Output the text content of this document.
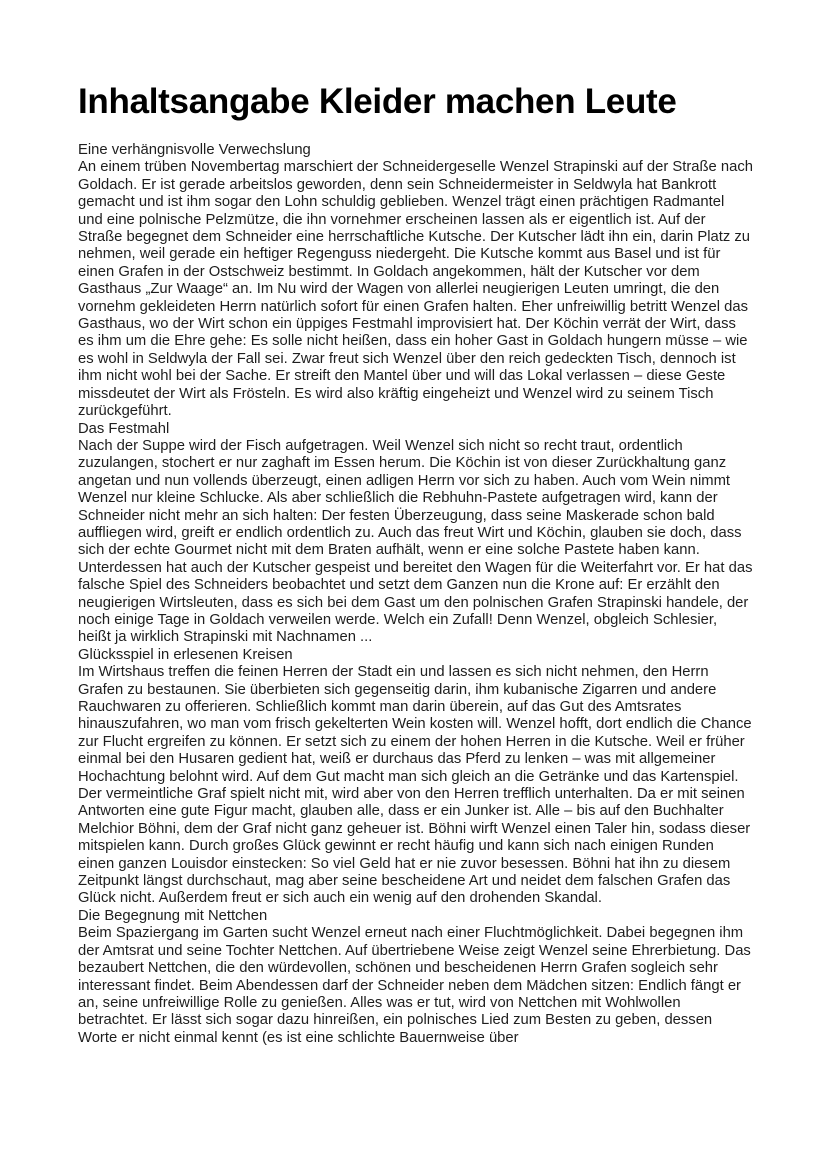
Inhaltsangabe Kleider machen Leute
Eine verhängnisvolle Verwechslung
An einem trüben Novembertag marschiert der Schneidergeselle Wenzel Strapinski auf der Straße nach Goldach. Er ist gerade arbeitslos geworden, denn sein Schneidermeister in Seldwyla hat Bankrott gemacht und ist ihm sogar den Lohn schuldig geblieben. Wenzel trägt einen prächtigen Radmantel und eine polnische Pelzmütze, die ihn vornehmer erscheinen lassen als er eigentlich ist. Auf der Straße begegnet dem Schneider eine herrschaftliche Kutsche. Der Kutscher lädt ihn ein, darin Platz zu nehmen, weil gerade ein heftiger Regenguss niedergeht. Die Kutsche kommt aus Basel und ist für einen Grafen in der Ostschweiz bestimmt. In Goldach angekommen, hält der Kutscher vor dem Gasthaus „Zur Waage“ an. Im Nu wird der Wagen von allerlei neugierigen Leuten umringt, die den vornehm gekleideten Herrn natürlich sofort für einen Grafen halten. Eher unfreiwillig betritt Wenzel das Gasthaus, wo der Wirt schon ein üppiges Festmahl improvisiert hat. Der Köchin verrät der Wirt, dass es ihm um die Ehre gehe: Es solle nicht heißen, dass ein hoher Gast in Goldach hungern müsse – wie es wohl in Seldwyla der Fall sei. Zwar freut sich Wenzel über den reich gedeckten Tisch, dennoch ist ihm nicht wohl bei der Sache. Er streift den Mantel über und will das Lokal verlassen – diese Geste missdeutet der Wirt als Frösteln. Es wird also kräftig eingeheizt und Wenzel wird zu seinem Tisch zurückgeführt.
Das Festmahl
Nach der Suppe wird der Fisch aufgetragen. Weil Wenzel sich nicht so recht traut, ordentlich zuzulangen, stochert er nur zaghaft im Essen herum. Die Köchin ist von dieser Zurückhaltung ganz angetan und nun vollends überzeugt, einen adligen Herrn vor sich zu haben. Auch vom Wein nimmt Wenzel nur kleine Schlucke. Als aber schließlich die Rebhuhn-Pastete aufgetragen wird, kann der Schneider nicht mehr an sich halten: Der festen Überzeugung, dass seine Maskerade schon bald auffliegen wird, greift er endlich ordentlich zu. Auch das freut Wirt und Köchin, glauben sie doch, dass sich der echte Gourmet nicht mit dem Braten aufhält, wenn er eine solche Pastete haben kann. Unterdessen hat auch der Kutscher gespeist und bereitet den Wagen für die Weiterfahrt vor. Er hat das falsche Spiel des Schneiders beobachtet und setzt dem Ganzen nun die Krone auf: Er erzählt den neugierigen Wirtsleuten, dass es sich bei dem Gast um den polnischen Grafen Strapinski handele, der noch einige Tage in Goldach verweilen werde. Welch ein Zufall! Denn Wenzel, obgleich Schlesier, heißt ja wirklich Strapinski mit Nachnamen ...
Glücksspiel in erlesenen Kreisen
Im Wirtshaus treffen die feinen Herren der Stadt ein und lassen es sich nicht nehmen, den Herrn Grafen zu bestaunen. Sie überbieten sich gegenseitig darin, ihm kubanische Zigarren und andere Rauchwaren zu offerieren. Schließlich kommt man darin überein, auf das Gut des Amtsrates hinauszufahren, wo man vom frisch gekelterten Wein kosten will. Wenzel hofft, dort endlich die Chance zur Flucht ergreifen zu können. Er setzt sich zu einem der hohen Herren in die Kutsche. Weil er früher einmal bei den Husaren gedient hat, weiß er durchaus das Pferd zu lenken – was mit allgemeiner Hochachtung belohnt wird. Auf dem Gut macht man sich gleich an die Getränke und das Kartenspiel. Der vermeintliche Graf spielt nicht mit, wird aber von den Herren trefflich unterhalten. Da er mit seinen Antworten eine gute Figur macht, glauben alle, dass er ein Junker ist. Alle – bis auf den Buchhalter Melchior Böhni, dem der Graf nicht ganz geheuer ist. Böhni wirft Wenzel einen Taler hin, sodass dieser mitspielen kann. Durch großes Glück gewinnt er recht häufig und kann sich nach einigen Runden einen ganzen Louisdor einstecken: So viel Geld hat er nie zuvor besessen. Böhni hat ihn zu diesem Zeitpunkt längst durchschaut, mag aber seine bescheidene Art und neidet dem falschen Grafen das Glück nicht. Außerdem freut er sich auch ein wenig auf den drohenden Skandal.
Die Begegnung mit Nettchen
Beim Spaziergang im Garten sucht Wenzel erneut nach einer Fluchtmöglichkeit. Dabei begegnen ihm der Amtsrat und seine Tochter Nettchen. Auf übertriebene Weise zeigt Wenzel seine Ehrerbietung. Das bezaubert Nettchen, die den würdevollen, schönen und bescheidenen Herrn Grafen sogleich sehr interessant findet. Beim Abendessen darf der Schneider neben dem Mädchen sitzen: Endlich fängt er an, seine unfreiwillige Rolle zu genießen. Alles was er tut, wird von Nettchen mit Wohlwollen betrachtet. Er lässt sich sogar dazu hinreißen, ein polnisches Lied zum Besten zu geben, dessen Worte er nicht einmal kennt (es ist eine schlichte Bauernweise über
